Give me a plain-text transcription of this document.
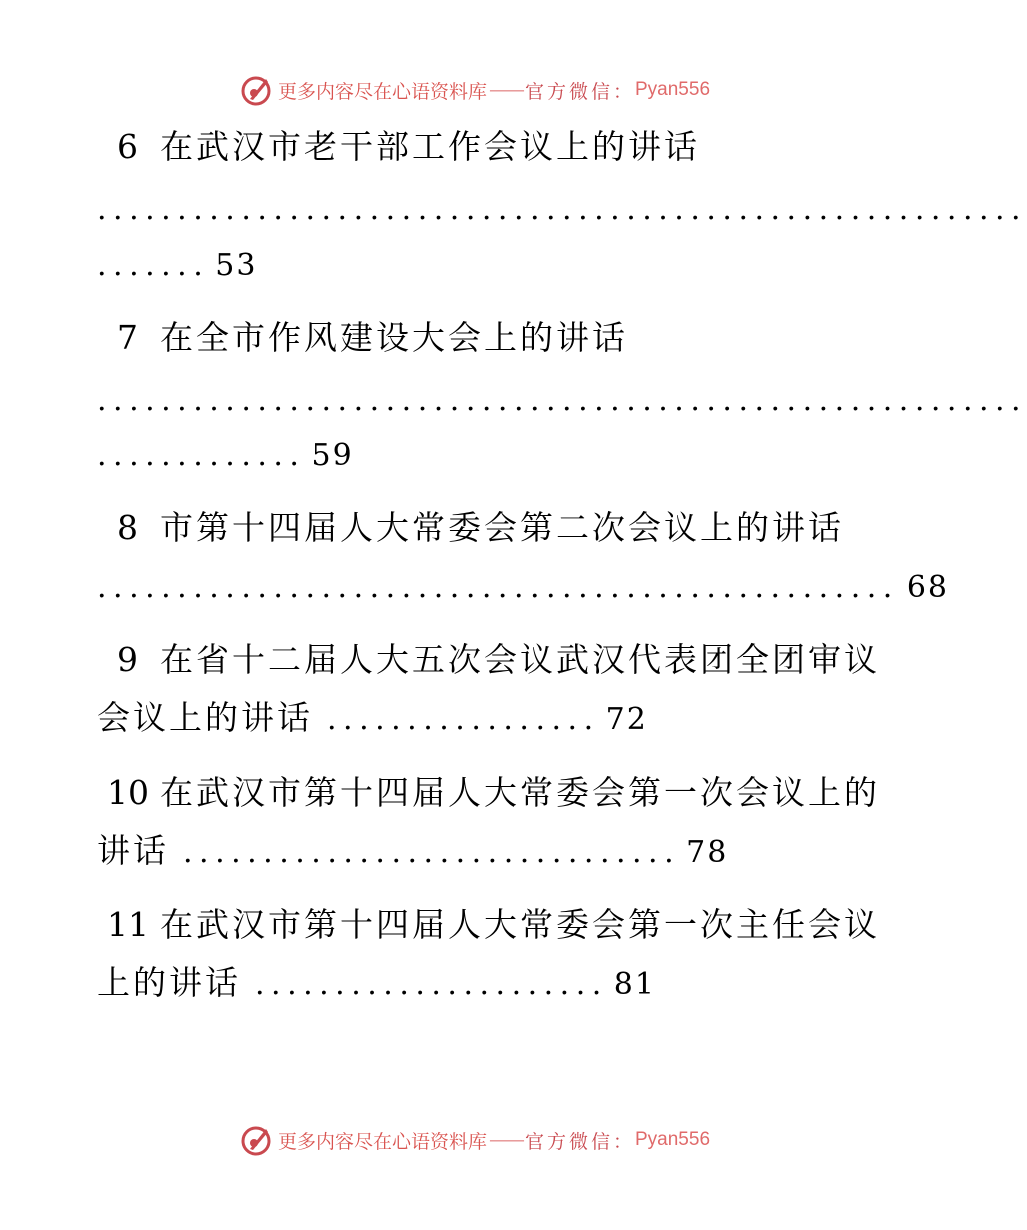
更多内容尽在心语资料库 —— 官方微信： Pyan556
6 在武汉市老干部工作会议上的讲话
..........................................................
....... 53
7 在全市作风建设大会上的讲话
..........................................................
............. 59
8 市第十四届人大常委会第二次会议上的讲话
.................................................. 68
9 在省十二届人大五次会议武汉代表团全团审议
会议上的讲话 ................. 72
10 在武汉市第十四届人大常委会第一次会议上的
讲话 ............................... 78
11 在武汉市第十四届人大常委会第一次主任会议
上的讲话 ...................... 81
更多内容尽在心语资料库 —— 官方微信： Pyan556
